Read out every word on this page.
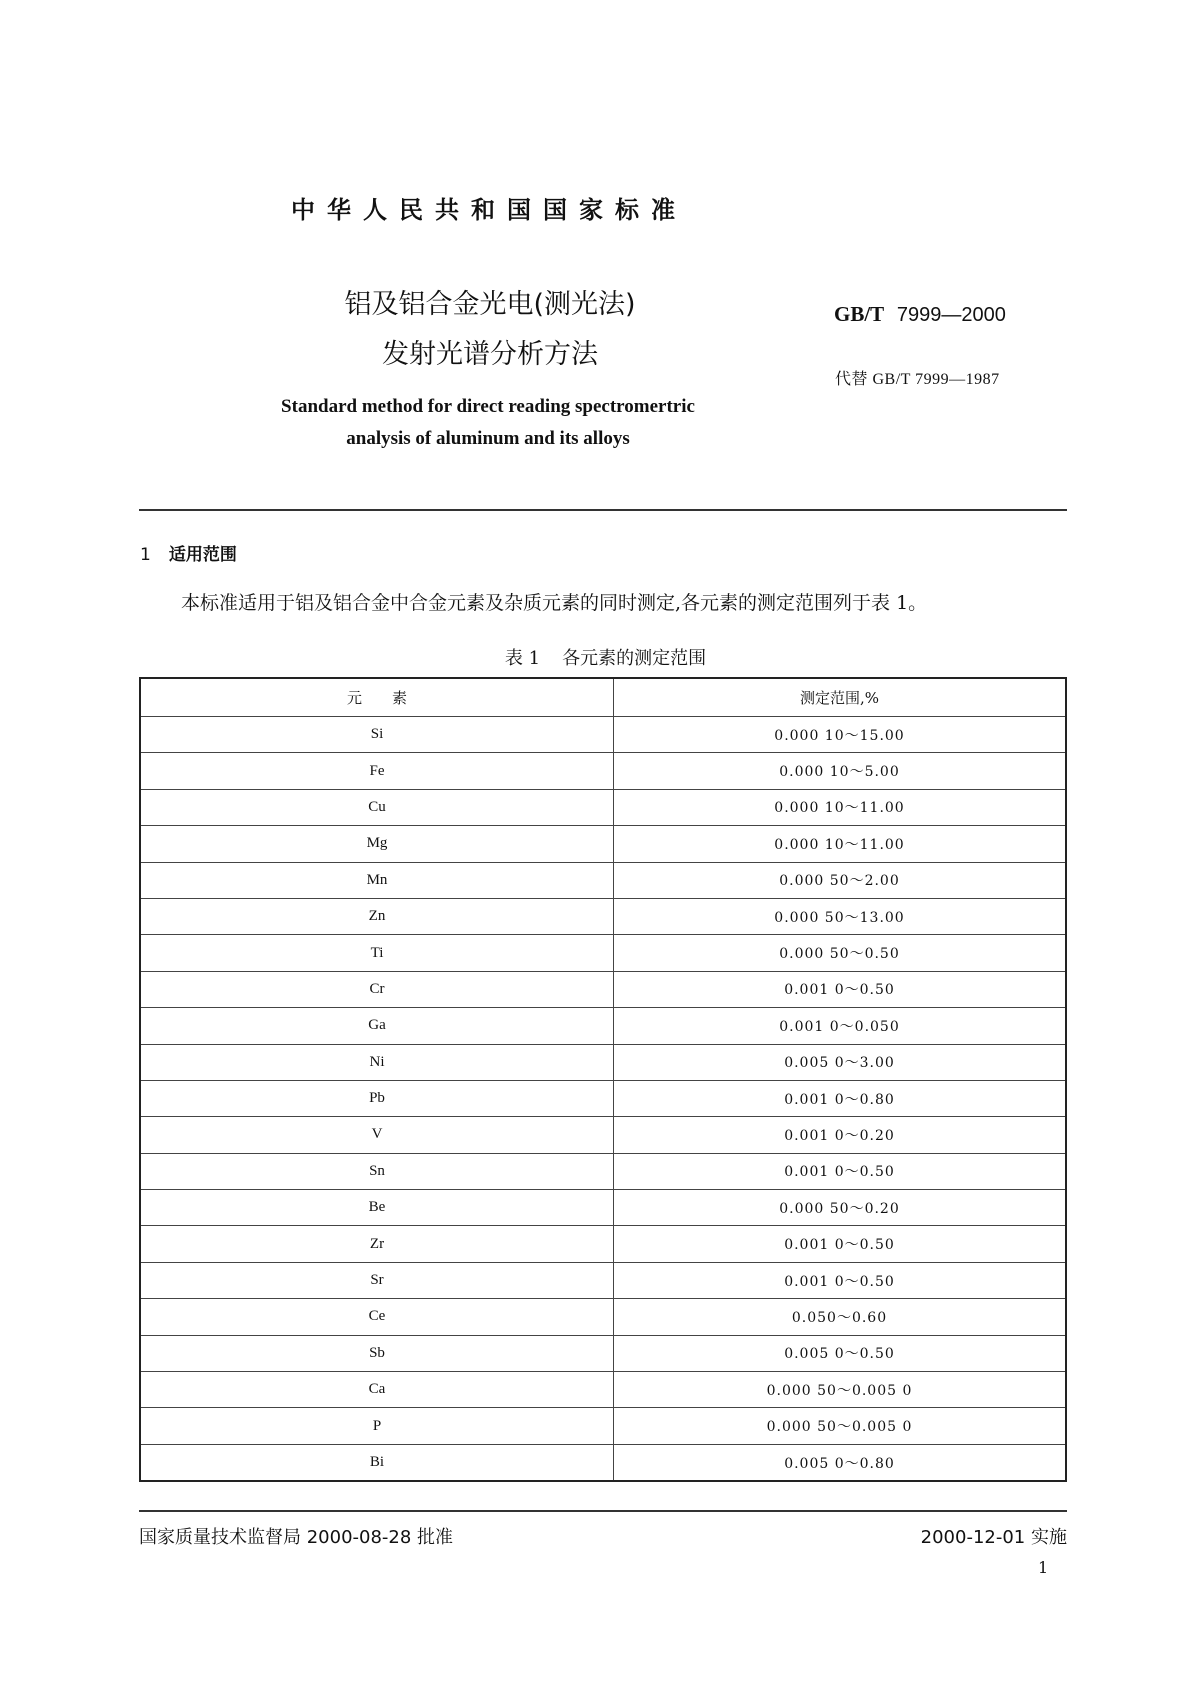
中华人民共和国国家标准
铝及铝合金光电(测光法)
发射光谱分析方法
GB/T 7999—2000
代替 GB/T 7999—1987
Standard method for direct reading spectromertric
analysis of aluminum and its alloys
1 适用范围
本标准适用于铝及铝合金中合金元素及杂质元素的同时测定,各元素的测定范围列于表 1。
表 1 各元素的测定范围
元　　素	测定范围,%
Si	0.000 10～15.00
Fe	0.000 10～5.00
Cu	0.000 10～11.00
Mg	0.000 10～11.00
Mn	0.000 50～2.00
Zn	0.000 50～13.00
Ti	0.000 50～0.50
Cr	0.001 0～0.50
Ga	0.001 0～0.050
Ni	0.005 0～3.00
Pb	0.001 0～0.80
V	0.001 0～0.20
Sn	0.001 0～0.50
Be	0.000 50～0.20
Zr	0.001 0～0.50
Sr	0.001 0～0.50
Ce	0.050～0.60
Sb	0.005 0～0.50
Ca	0.000 50～0.005 0
P	0.000 50～0.005 0
Bi	0.005 0～0.80
国家质量技术监督局 2000-08-28 批准	2000-12-01 实施
1
